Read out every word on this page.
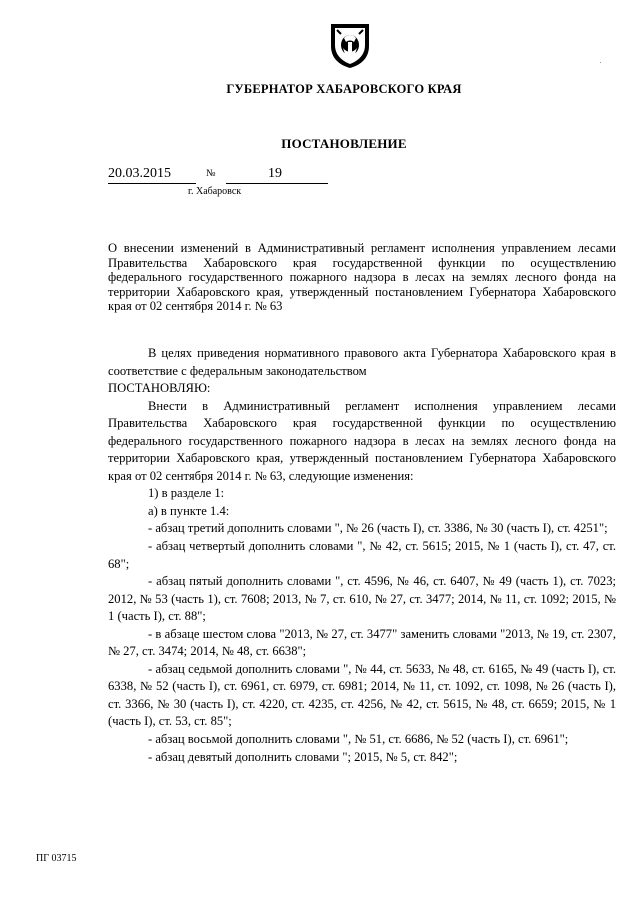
ГУБЕРНАТОР ХАБАРОВСКОГО КРАЯ
ПОСТАНОВЛЕНИЕ
20.03.2015	№	19
г. Хабаровск
О внесении изменений в Административный регламент исполнения управлением лесами Правительства Хабаровского края государственной функции по осуществлению федерального государственного пожарного надзора в лесах на землях лесного фонда на территории Хабаровского края, утвержденный постановлением Губернатора Хабаровского края от 02 сентября 2014 г. № 63

В целях приведения нормативного правового акта Губернатора Хабаровского края в соответствие с федеральным законодательством

ПОСТАНОВЛЯЮ:

Внести в Административный регламент исполнения управлением лесами Правительства Хабаровского края государственной функции по осуществлению федерального государственного пожарного надзора в лесах на землях лесного фонда на территории Хабаровского края, утвержденный постановлением Губернатора Хабаровского края от 02 сентября 2014 г. № 63, следующие изменения:

1) в разделе 1:

а) в пункте 1.4:

- абзац третий дополнить словами ", № 26 (часть I), ст. 3386, № 30 (часть I), ст. 4251";

- абзац четвертый дополнить словами ", № 42, ст. 5615; 2015, № 1 (часть I), ст. 47, ст. 68";

- абзац пятый дополнить словами ", ст. 4596, № 46, ст. 6407, № 49 (часть 1), ст. 7023; 2012, № 53 (часть 1), ст. 7608; 2013, № 7, ст. 610, № 27, ст. 3477; 2014, № 11, ст. 1092; 2015, № 1 (часть I), ст. 88";

- в абзаце шестом слова "2013, № 27, ст. 3477" заменить словами "2013, № 19, ст. 2307, № 27, ст. 3474; 2014, № 48, ст. 6638";

- абзац седьмой дополнить словами ", № 44, ст. 5633, № 48, ст. 6165, № 49 (часть I), ст. 6338, № 52 (часть I), ст. 6961, ст. 6979, ст. 6981; 2014, № 11, ст. 1092, ст. 1098, № 26 (часть I), ст. 3366, № 30 (часть I), ст. 4220, ст. 4235, ст. 4256, № 42, ст. 5615, № 48, ст. 6659; 2015, № 1 (часть I), ст. 53, ст. 85";

- абзац восьмой дополнить словами ", № 51, ст. 6686, № 52 (часть I), ст. 6961";

- абзац девятый дополнить словами "; 2015, № 5, ст. 842";

ПГ 03715
